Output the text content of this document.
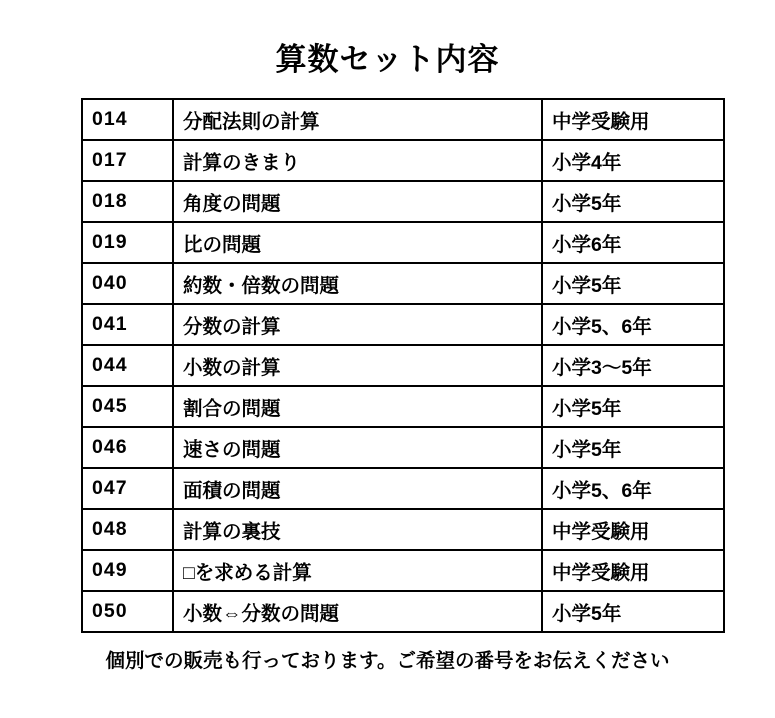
算数セット内容
014	分配法則の計算	中学受験用
017	計算のきまり	小学4年
018	角度の問題	小学5年
019	比の問題	小学6年
040	約数・倍数の問題	小学5年
041	分数の計算	小学5、6年
044	小数の計算	小学3〜5年
045	割合の問題	小学5年
046	速さの問題	小学5年
047	面積の問題	小学5、6年
048	計算の裏技	中学受験用
049	□を求める計算	中学受験用
050	小数⇔分数の問題	小学5年
個別での販売も行っております。ご希望の番号をお伝えください
